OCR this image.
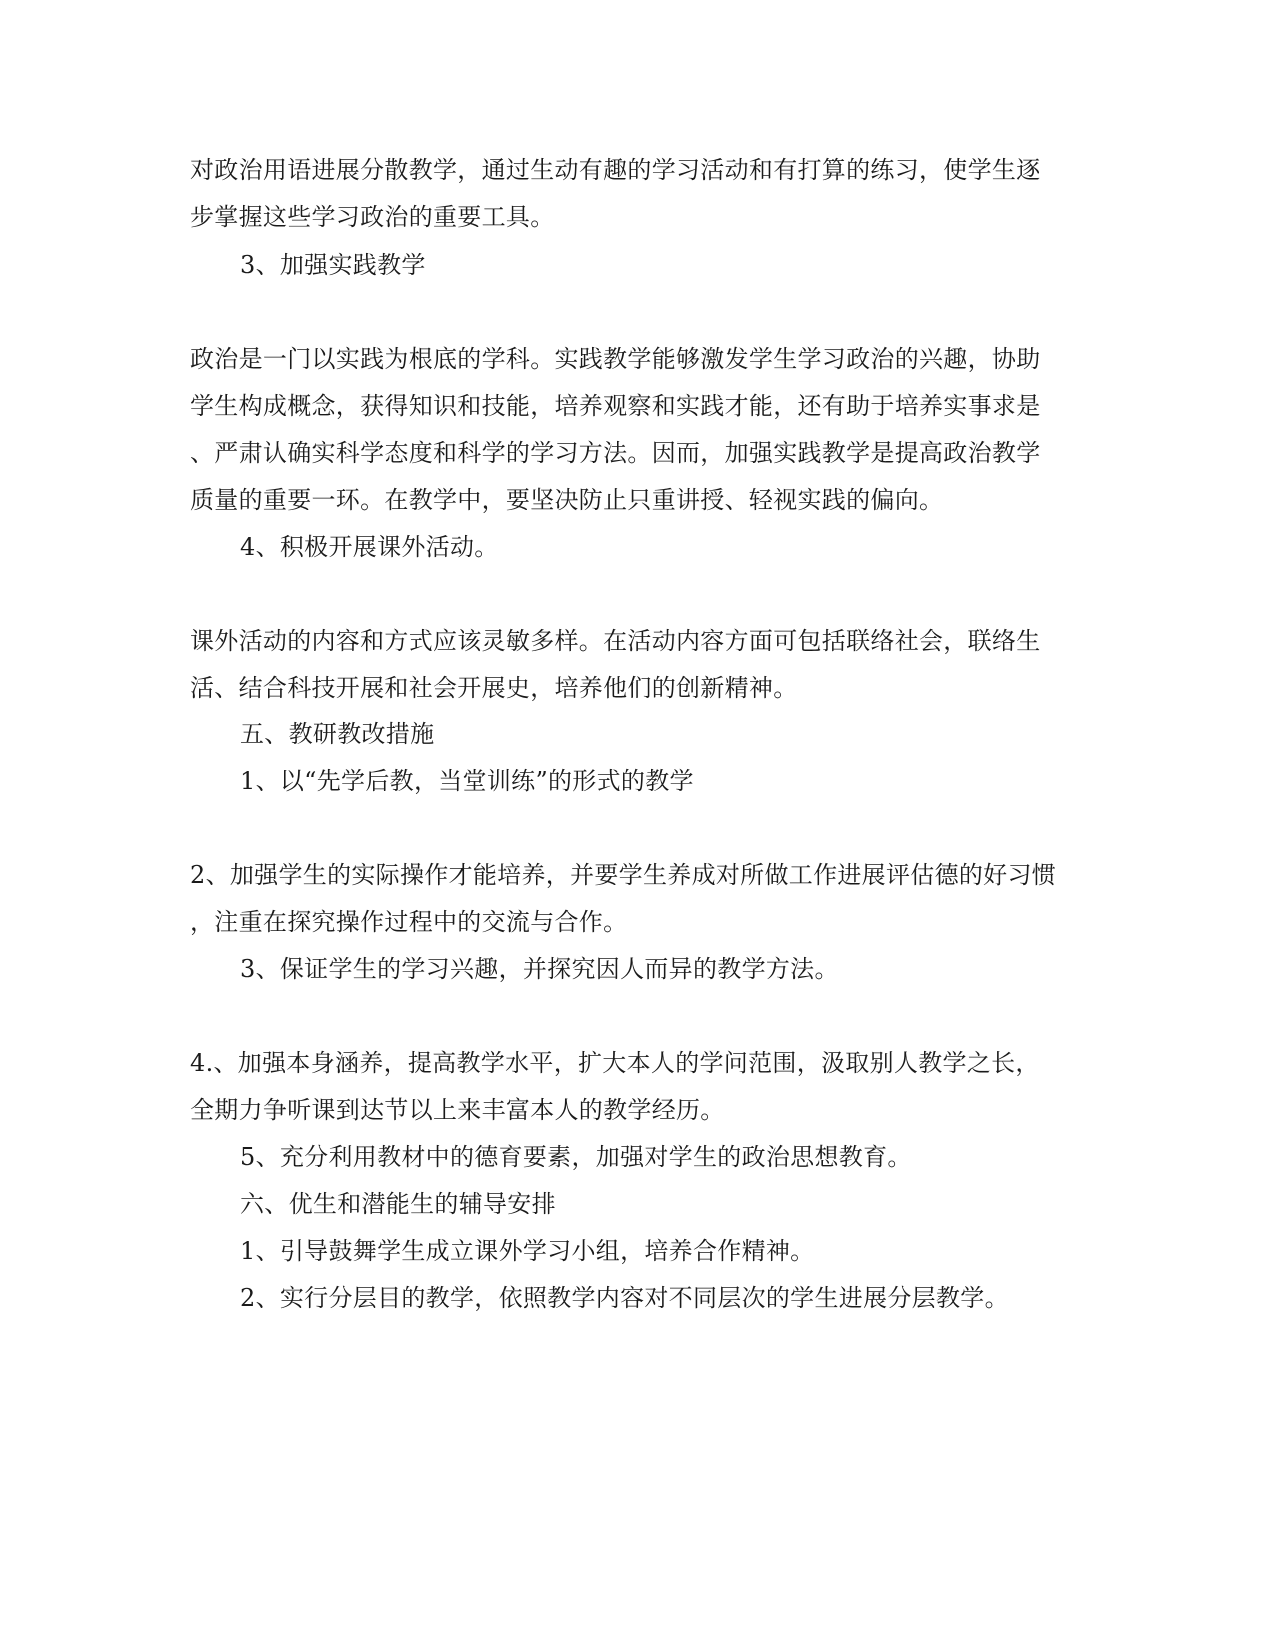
对政治用语进展分散教学，通过生动有趣的学习活动和有打算的练习，使学生逐
步掌握这些学习政治的重要工具。
3、加强实践教学
政治是一门以实践为根底的学科。实践教学能够激发学生学习政治的兴趣，协助
学生构成概念，获得知识和技能，培养观察和实践才能，还有助于培养实事求是
、严肃认确实科学态度和科学的学习方法。因而，加强实践教学是提高政治教学
质量的重要一环。在教学中，要坚决防止只重讲授、轻视实践的偏向。
4、积极开展课外活动。
课外活动的内容和方式应该灵敏多样。在活动内容方面可包括联络社会，联络生
活、结合科技开展和社会开展史，培养他们的创新精神。
五、教研教改措施
1、以“先学后教，当堂训练”的形式的教学
2、加强学生的实际操作才能培养，并要学生养成对所做工作进展评估德的好习惯
，注重在探究操作过程中的交流与合作。
3、保证学生的学习兴趣，并探究因人而异的教学方法。
4.、加强本身涵养，提高教学水平，扩大本人的学问范围，汲取别人教学之长，
全期力争听课到达节以上来丰富本人的教学经历。
5、充分利用教材中的德育要素，加强对学生的政治思想教育。
六、优生和潜能生的辅导安排
1、引导鼓舞学生成立课外学习小组，培养合作精神。
2、实行分层目的教学，依照教学内容对不同层次的学生进展分层教学。
